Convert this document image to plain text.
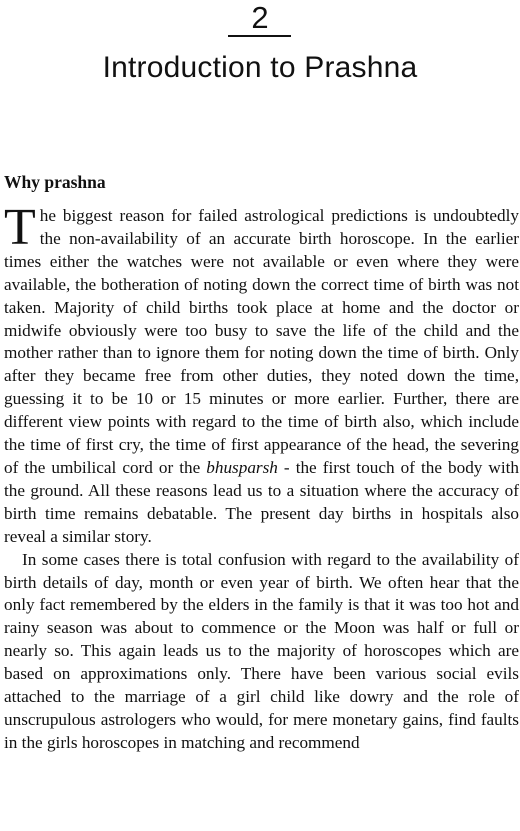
2
Introduction to Prashna
Why prashna

The biggest reason for failed astrological predictions is undoubtedly the non-availability of an accurate birth horoscope. In the earlier times either the watches were not available or even where they were available, the botheration of noting down the correct time of birth was not taken. Majority of child births took place at home and the doctor or midwife obviously were too busy to save the life of the child and the mother rather than to ignore them for noting down the time of birth. Only after they became free from other duties, they noted down the time, guessing it to be 10 or 15 minutes or more earlier. Further, there are different view points with regard to the time of birth also, which include the time of first cry, the time of first appearance of the head, the severing of the umbilical cord or the bhusparsh - the first touch of the body with the ground. All these reasons lead us to a situation where the accuracy of birth time remains debatable. The present day births in hospitals also reveal a similar story.

In some cases there is total confusion with regard to the availability of birth details of day, month or even year of birth. We often hear that the only fact remembered by the elders in the family is that it was too hot and rainy season was about to commence or the Moon was half or full or nearly so. This again leads us to the majority of horoscopes which are based on approximations only. There have been various social evils attached to the marriage of a girl child like dowry and the role of unscrupulous astrologers who would, for mere monetary gains, find faults in the girls horoscopes in matching and recommend
